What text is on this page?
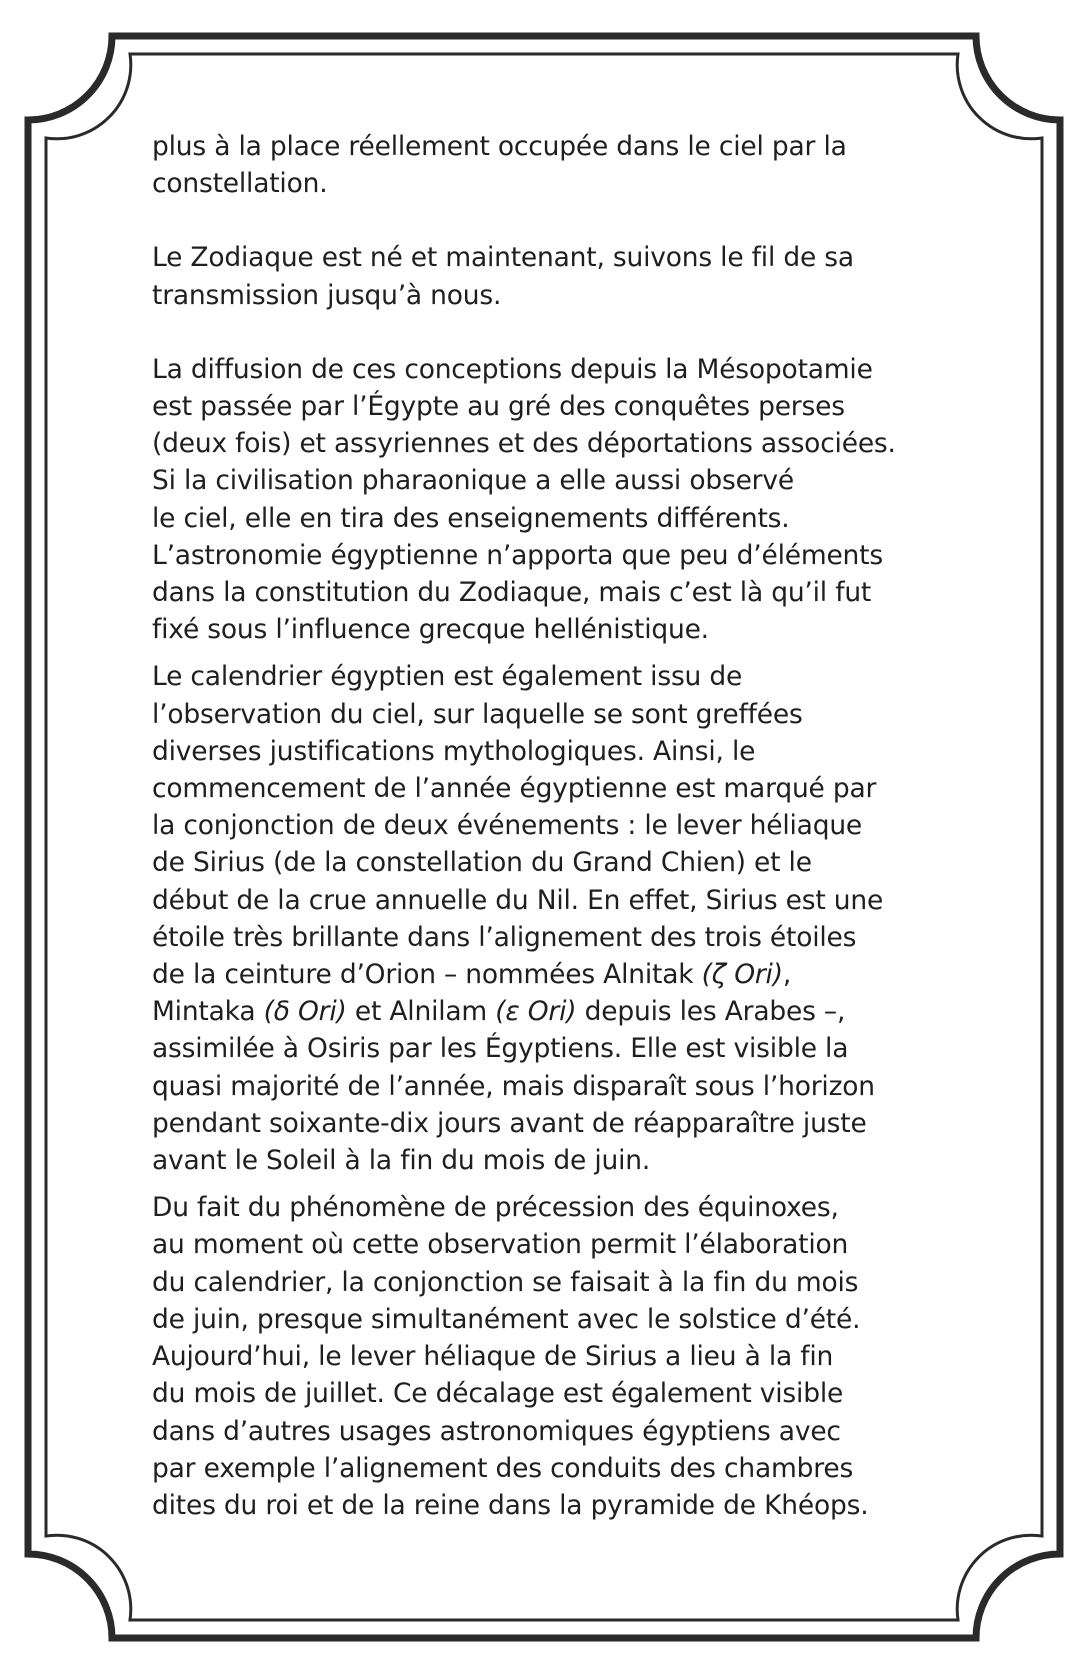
plus à la place réellement occupée dans le ciel par la
constellation.

Le Zodiaque est né et maintenant, suivons le fil de sa
transmission jusqu’à nous.

La diffusion de ces conceptions depuis la Mésopotamie
est passée par l’Égypte au gré des conquêtes perses
(deux fois) et assyriennes et des déportations associées.
Si la civilisation pharaonique a elle aussi observé
le ciel, elle en tira des enseignements différents.
L’astronomie égyptienne n’apporta que peu d’éléments
dans la constitution du Zodiaque, mais c’est là qu’il fut
fixé sous l’influence grecque hellénistique.

Le calendrier égyptien est également issu de
l’observation du ciel, sur laquelle se sont greffées
diverses justifications mythologiques. Ainsi, le
commencement de l’année égyptienne est marqué par
la conjonction de deux événements : le lever héliaque
de Sirius (de la constellation du Grand Chien) et le
début de la crue annuelle du Nil. En effet, Sirius est une
étoile très brillante dans l’alignement des trois étoiles
de la ceinture d’Orion – nommées Alnitak (ζ Ori),
Mintaka (δ Ori) et Alnilam (ε Ori) depuis les Arabes –,
assimilée à Osiris par les Égyptiens. Elle est visible la
quasi majorité de l’année, mais disparaît sous l’horizon
pendant soixante-dix jours avant de réapparaître juste
avant le Soleil à la fin du mois de juin.

Du fait du phénomène de précession des équinoxes,
au moment où cette observation permit l’élaboration
du calendrier, la conjonction se faisait à la fin du mois
de juin, presque simultanément avec le solstice d’été.
Aujourd’hui, le lever héliaque de Sirius a lieu à la fin
du mois de juillet. Ce décalage est également visible
dans d’autres usages astronomiques égyptiens avec
par exemple l’alignement des conduits des chambres
dites du roi et de la reine dans la pyramide de Khéops.
